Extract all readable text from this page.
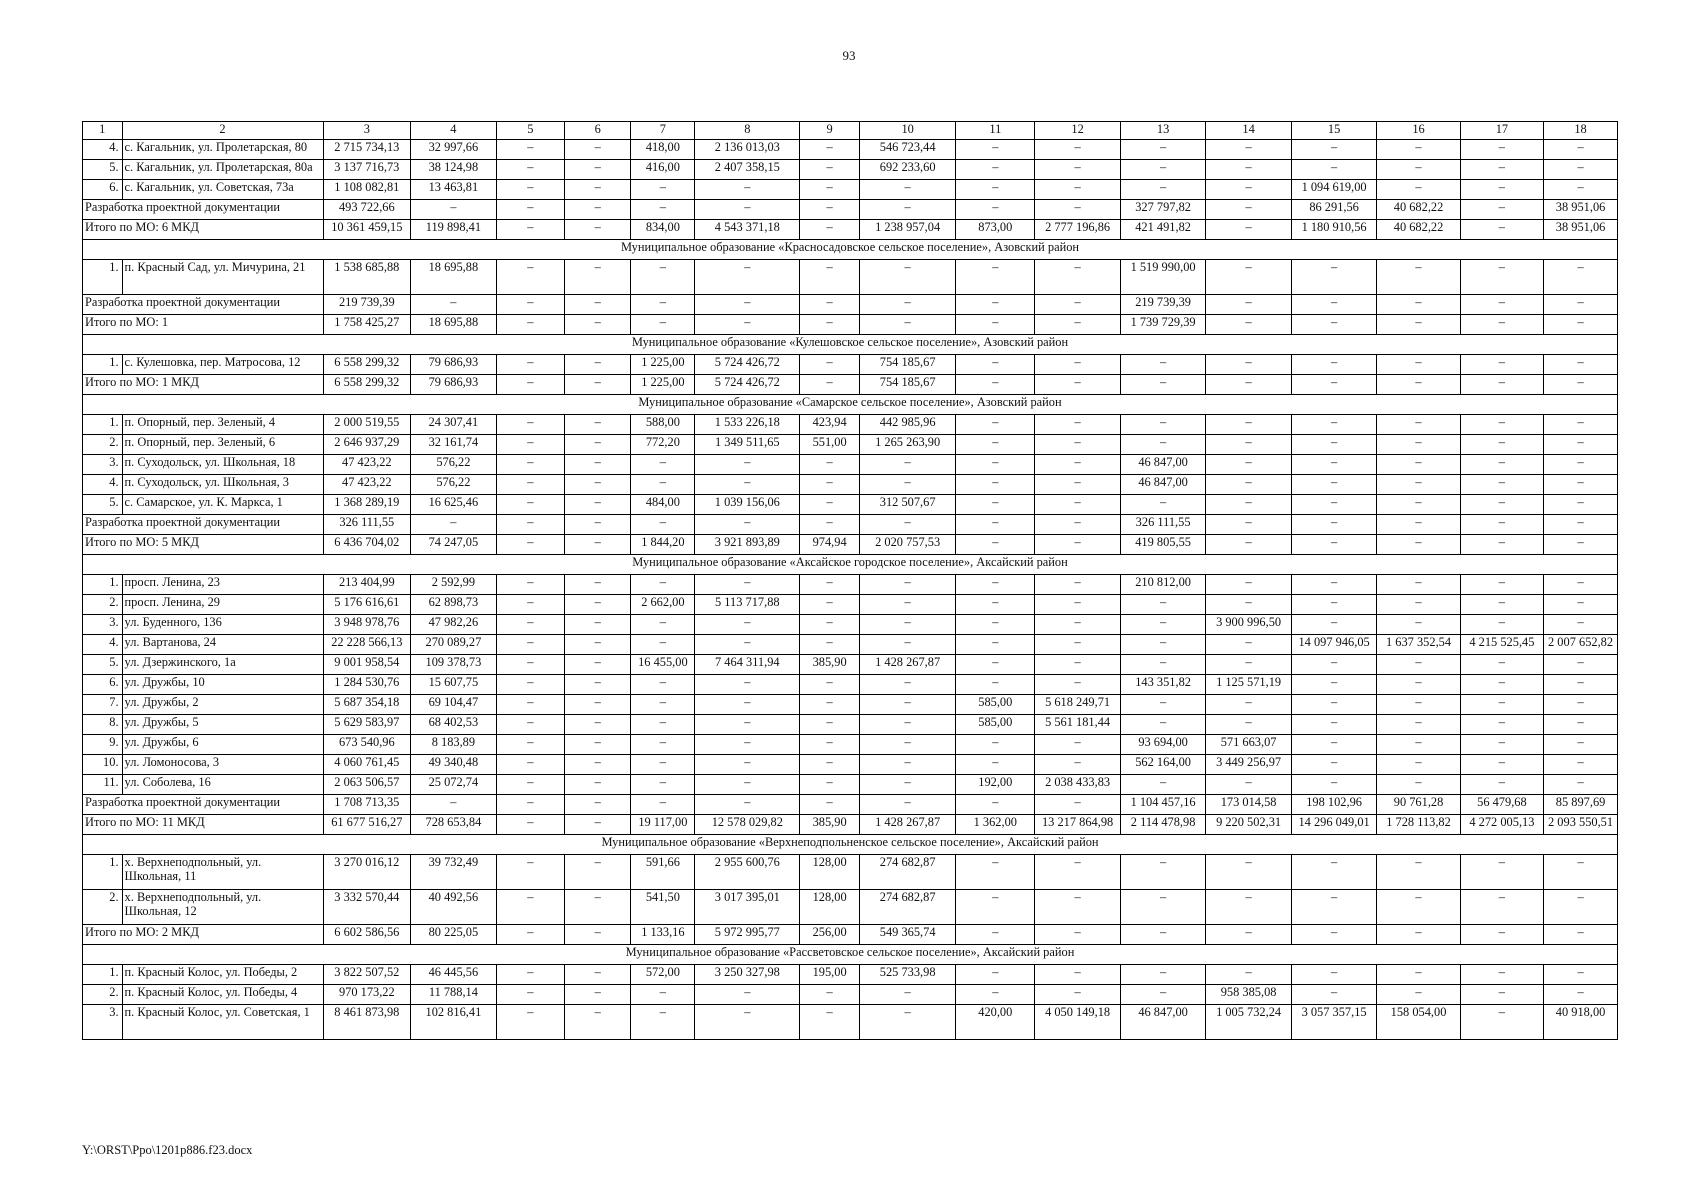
93
1	2	3	4	5	6	7	8	9	10	11	12	13	14	15	16	17	18
4.	с. Кагальник, ул. Пролетарская, 80	2 715 734,13	32 997,66	–	–	418,00	2 136 013,03	–	546 723,44	–	–	–	–	–	–	–	–
5.	с. Кагальник, ул. Пролетарская, 80а	3 137 716,73	38 124,98	–	–	416,00	2 407 358,15	–	692 233,60	–	–	–	–	–	–	–	–
6.	с. Кагальник, ул. Советская, 73а	1 108 082,81	13 463,81	–	–	–	–	–	–	–	–	–	–	1 094 619,00	–	–	–
Разработка проектной документации		493 722,66	–	–	–	–	–	–	–	–	–	327 797,82	–	86 291,56	40 682,22	–	38 951,06
Итого по МО: 6 МКД		10 361 459,15	119 898,41	–	–	834,00	4 543 371,18	–	1 238 957,04	873,00	2 777 196,86	421 491,82	–	1 180 910,56	40 682,22	–	38 951,06
Муниципальное образование «Красносадовское сельское поселение», Азовский район																	
1.	п. Красный Сад, ул. Мичурина, 21	1 538 685,88	18 695,88	–	–	–	–	–	–	–	–	1 519 990,00	–	–	–	–	–
Разработка проектной документации		219 739,39	–	–	–	–	–	–	–	–	–	219 739,39	–	–	–	–	–
Итого по МО: 1		1 758 425,27	18 695,88	–	–	–	–	–	–	–	–	1 739 729,39	–	–	–	–	–
Муниципальное образование «Кулешовское сельское поселение», Азовский район																	
1.	с. Кулешовка, пер. Матросова, 12	6 558 299,32	79 686,93	–	–	1 225,00	5 724 426,72	–	754 185,67	–	–	–	–	–	–	–	–
Итого по МО: 1 МКД		6 558 299,32	79 686,93	–	–	1 225,00	5 724 426,72	–	754 185,67	–	–	–	–	–	–	–	–
Муниципальное образование «Самарское сельское поселение», Азовский район																	
1.	п. Опорный, пер. Зеленый, 4	2 000 519,55	24 307,41	–	–	588,00	1 533 226,18	423,94	442 985,96	–	–	–	–	–	–	–	–
2.	п. Опорный, пер. Зеленый, 6	2 646 937,29	32 161,74	–	–	772,20	1 349 511,65	551,00	1 265 263,90	–	–	–	–	–	–	–	–
3.	п. Суходольск, ул. Школьная, 18	47 423,22	576,22	–	–	–	–	–	–	–	–	46 847,00	–	–	–	–	–
4.	п. Суходольск, ул. Школьная, 3	47 423,22	576,22	–	–	–	–	–	–	–	–	46 847,00	–	–	–	–	–
5.	с. Самарское, ул. К. Маркса, 1	1 368 289,19	16 625,46	–	–	484,00	1 039 156,06	–	312 507,67	–	–	–	–	–	–	–	–
Разработка проектной документации		326 111,55	–	–	–	–	–	–	–	–	–	326 111,55	–	–	–	–	–
Итого по МО: 5 МКД		6 436 704,02	74 247,05	–	–	1 844,20	3 921 893,89	974,94	2 020 757,53	–	–	419 805,55	–	–	–	–	–
Муниципальное образование «Аксайское городское поселение», Аксайский район																	
1.	просп. Ленина, 23	213 404,99	2 592,99	–	–	–	–	–	–	–	–	210 812,00	–	–	–	–	–
2.	просп. Ленина, 29	5 176 616,61	62 898,73	–	–	2 662,00	5 113 717,88	–	–	–	–	–	–	–	–	–	–
3.	ул. Буденного, 136	3 948 978,76	47 982,26	–	–	–	–	–	–	–	–	–	3 900 996,50	–	–	–	–
4.	ул. Вартанова, 24	22 228 566,13	270 089,27	–	–	–	–	–	–	–	–	–	–	14 097 946,05	1 637 352,54	4 215 525,45	2 007 652,82
5.	ул. Дзержинского, 1а	9 001 958,54	109 378,73	–	–	16 455,00	7 464 311,94	385,90	1 428 267,87	–	–	–	–	–	–	–	–
6.	ул. Дружбы, 10	1 284 530,76	15 607,75	–	–	–	–	–	–	–	–	143 351,82	1 125 571,19	–	–	–	–
7.	ул. Дружбы, 2	5 687 354,18	69 104,47	–	–	–	–	–	–	585,00	5 618 249,71	–	–	–	–	–	–
8.	ул. Дружбы, 5	5 629 583,97	68 402,53	–	–	–	–	–	–	585,00	5 561 181,44	–	–	–	–	–	–
9.	ул. Дружбы, 6	673 540,96	8 183,89	–	–	–	–	–	–	–	–	93 694,00	571 663,07	–	–	–	–
10.	ул. Ломоносова, 3	4 060 761,45	49 340,48	–	–	–	–	–	–	–	–	562 164,00	3 449 256,97	–	–	–	–
11.	ул. Соболева, 16	2 063 506,57	25 072,74	–	–	–	–	–	–	192,00	2 038 433,83	–	–	–	–	–	–
Разработка проектной документации		1 708 713,35	–	–	–	–	–	–	–	–	–	1 104 457,16	173 014,58	198 102,96	90 761,28	56 479,68	85 897,69
Итого по МО: 11 МКД		61 677 516,27	728 653,84	–	–	19 117,00	12 578 029,82	385,90	1 428 267,87	1 362,00	13 217 864,98	2 114 478,98	9 220 502,31	14 296 049,01	1 728 113,82	4 272 005,13	2 093 550,51
Муниципальное образование «Верхнеподпольненское сельское поселение», Аксайский район																	
1.	х. Верхнеподпольный, ул. Школьная, 11	3 270 016,12	39 732,49	–	–	591,66	2 955 600,76	128,00	274 682,87	–	–	–	–	–	–	–	–
2.	х. Верхнеподпольный, ул. Школьная, 12	3 332 570,44	40 492,56	–	–	541,50	3 017 395,01	128,00	274 682,87	–	–	–	–	–	–	–	–
Итого по МО: 2 МКД		6 602 586,56	80 225,05	–	–	1 133,16	5 972 995,77	256,00	549 365,74	–	–	–	–	–	–	–	–
Муниципальное образование «Рассветовское сельское поселение», Аксайский район																	
1.	п. Красный Колос, ул. Победы, 2	3 822 507,52	46 445,56	–	–	572,00	3 250 327,98	195,00	525 733,98	–	–	–	–	–	–	–	–
2.	п. Красный Колос, ул. Победы, 4	970 173,22	11 788,14	–	–	–	–	–	–	–	–	–	958 385,08	–	–	–	–
3.	п. Красный Колос, ул. Советская, 1	8 461 873,98	102 816,41	–	–	–	–	–	–	420,00	4 050 149,18	46 847,00	1 005 732,24	3 057 357,15	158 054,00	–	40 918,00
Y:\ORST\Ppo\1201p886.f23.docx
